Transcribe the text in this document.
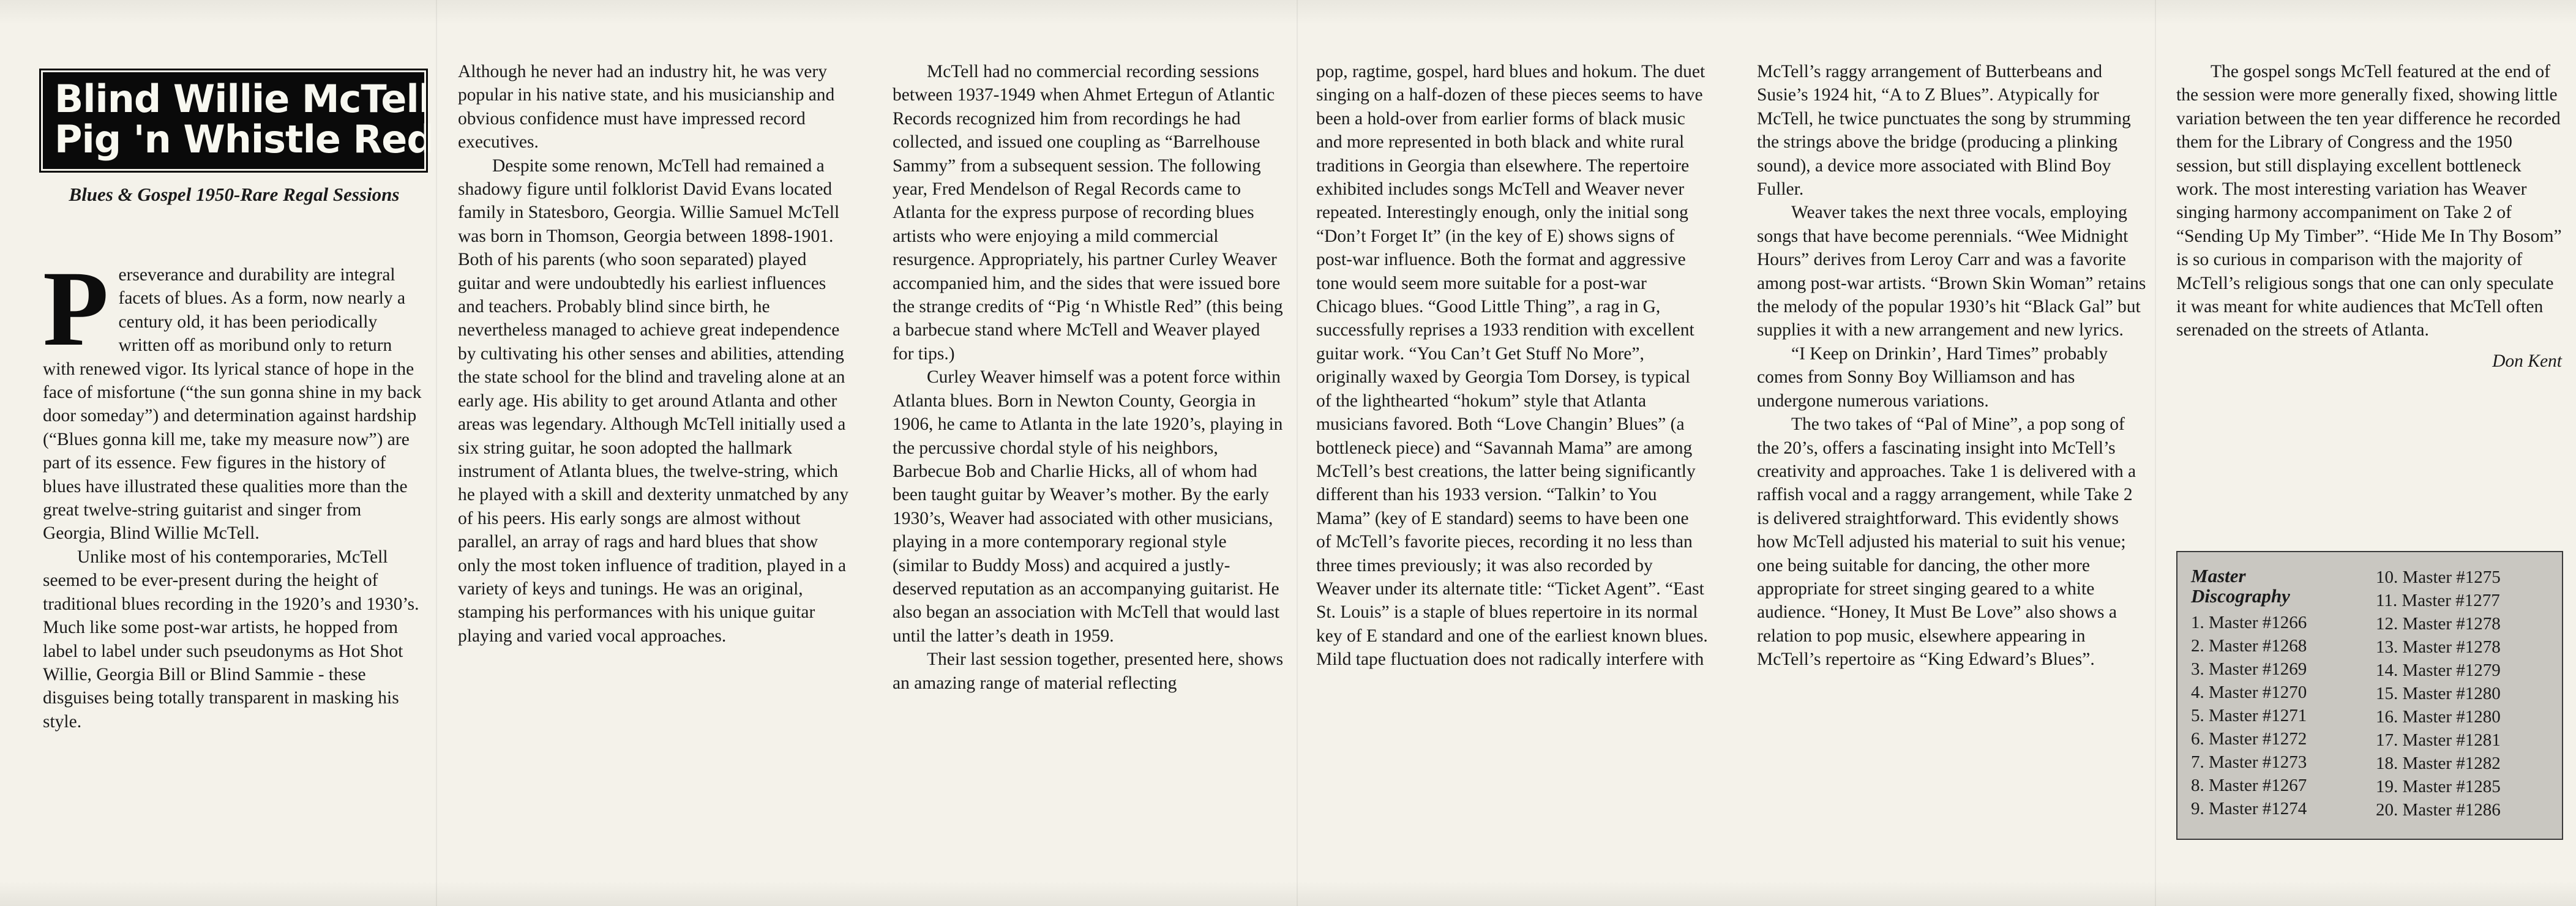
Blind Willie McTell
Pig 'n Whistle Red
Blues & Gospel 1950-Rare Regal Sessions

Perseverance and durability are integral facets of blues. As a form, now nearly a century old, it has been periodically written off as moribund only to return with renewed vigor. Its lyrical stance of hope in the face of misfortune (“the sun gonna shine in my back door someday”) and determination against hardship (“Blues gonna kill me, take my measure now”) are part of its essence. Few figures in the history of blues have illustrated these qualities more than the great twelve-string guitarist and singer from Georgia, Blind Willie McTell.

Unlike most of his contemporaries, McTell seemed to be ever-present during the height of traditional blues recording in the 1920’s and 1930’s. Much like some post-war artists, he hopped from label to label under such pseudonyms as Hot Shot Willie, Georgia Bill or Blind Sammie - these disguises being totally transparent in masking his style.

Although he never had an industry hit, he was very popular in his native state, and his musicianship and obvious confidence must have impressed record executives.

Despite some renown, McTell had remained a shadowy figure until folklorist David Evans located family in Statesboro, Georgia. Willie Samuel McTell was born in Thomson, Georgia between 1898-1901. Both of his parents (who soon separated) played guitar and were undoubtedly his earliest influences and teachers. Probably blind since birth, he nevertheless managed to achieve great independence by cultivating his other senses and abilities, attending the state school for the blind and traveling alone at an early age. His ability to get around Atlanta and other areas was legendary. Although McTell initially used a six string guitar, he soon adopted the hallmark instrument of Atlanta blues, the twelve-string, which he played with a skill and dexterity unmatched by any of his peers. His early songs are almost without parallel, an array of rags and hard blues that show only the most token influence of tradition, played in a variety of keys and tunings. He was an original, stamping his performances with his unique guitar playing and varied vocal approaches.

McTell had no commercial recording sessions between 1937-1949 when Ahmet Ertegun of Atlantic Records recognized him from recordings he had collected, and issued one coupling as “Barrelhouse Sammy” from a subsequent session. The following year, Fred Mendelson of Regal Records came to Atlanta for the express purpose of recording blues artists who were enjoying a mild commercial resurgence. Appropriately, his partner Curley Weaver accompanied him, and the sides that were issued bore the strange credits of “Pig ‘n Whistle Red” (this being a barbecue stand where McTell and Weaver played for tips.)

Curley Weaver himself was a potent force within Atlanta blues. Born in Newton County, Georgia in 1906, he came to Atlanta in the late 1920’s, playing in the percussive chordal style of his neighbors, Barbecue Bob and Charlie Hicks, all of whom had been taught guitar by Weaver’s mother. By the early 1930’s, Weaver had associated with other musicians, playing in a more contemporary regional style (similar to Buddy Moss) and acquired a justly-deserved reputation as an accompanying guitarist. He also began an association with McTell that would last until the latter’s death in 1959.

Their last session together, presented here, shows an amazing range of material reflecting

pop, ragtime, gospel, hard blues and hokum. The duet singing on a half-dozen of these pieces seems to have been a hold-over from earlier forms of black music and more represented in both black and white rural traditions in Georgia than elsewhere. The repertoire exhibited includes songs McTell and Weaver never repeated. Interestingly enough, only the initial song “Don’t Forget It” (in the key of E) shows signs of post-war influence. Both the format and aggressive tone would seem more suitable for a post-war Chicago blues. “Good Little Thing”, a rag in G, successfully reprises a 1933 rendition with excellent guitar work. “You Can’t Get Stuff No More”, originally waxed by Georgia Tom Dorsey, is typical of the lighthearted “hokum” style that Atlanta musicians favored. Both “Love Changin’ Blues” (a bottleneck piece) and “Savannah Mama” are among McTell’s best creations, the latter being significantly different than his 1933 version. “Talkin’ to You Mama” (key of E standard) seems to have been one of McTell’s favorite pieces, recording it no less than three times previously; it was also recorded by Weaver under its alternate title: “Ticket Agent”. “East St. Louis” is a staple of blues repertoire in its normal key of E standard and one of the earliest known blues. Mild tape fluctuation does not radically interfere with

McTell’s raggy arrangement of Butterbeans and Susie’s 1924 hit, “A to Z Blues”. Atypically for McTell, he twice punctuates the song by strumming the strings above the bridge (producing a plinking sound), a device more associated with Blind Boy Fuller.

Weaver takes the next three vocals, employing songs that have become perennials. “Wee Midnight Hours” derives from Leroy Carr and was a favorite among post-war artists. “Brown Skin Woman” retains the melody of the popular 1930’s hit “Black Gal” but supplies it with a new arrangement and new lyrics.

“I Keep on Drinkin’, Hard Times” probably comes from Sonny Boy Williamson and has undergone numerous variations.

The two takes of “Pal of Mine”, a pop song of the 20’s, offers a fascinating insight into McTell’s creativity and approaches. Take 1 is delivered with a raffish vocal and a raggy arrangement, while Take 2 is delivered straightforward. This evidently shows how McTell adjusted his material to suit his venue; one being suitable for dancing, the other more appropriate for street singing geared to a white audience. “Honey, It Must Be Love” also shows a relation to pop music, elsewhere appearing in McTell’s repertoire as “King Edward’s Blues”.

The gospel songs McTell featured at the end of the session were more generally fixed, showing little variation between the ten year difference he recorded them for the Library of Congress and the 1950 session, but still displaying excellent bottleneck work. The most interesting variation has Weaver singing harmony accompaniment on Take 2 of “Sending Up My Timber”. “Hide Me In Thy Bosom” is so curious in comparison with the majority of McTell’s religious songs that one can only speculate it was meant for white audiences that McTell often serenaded on the streets of Atlanta.

Don Kent
Master
Discography
1. Master #1266
2. Master #1268
3. Master #1269
4. Master #1270
5. Master #1271
6. Master #1272
7. Master #1273
8. Master #1267
9. Master #1274
10. Master #1275
11. Master #1277
12. Master #1278
13. Master #1278
14. Master #1279
15. Master #1280
16. Master #1280
17. Master #1281
18. Master #1282
19. Master #1285
20. Master #1286
